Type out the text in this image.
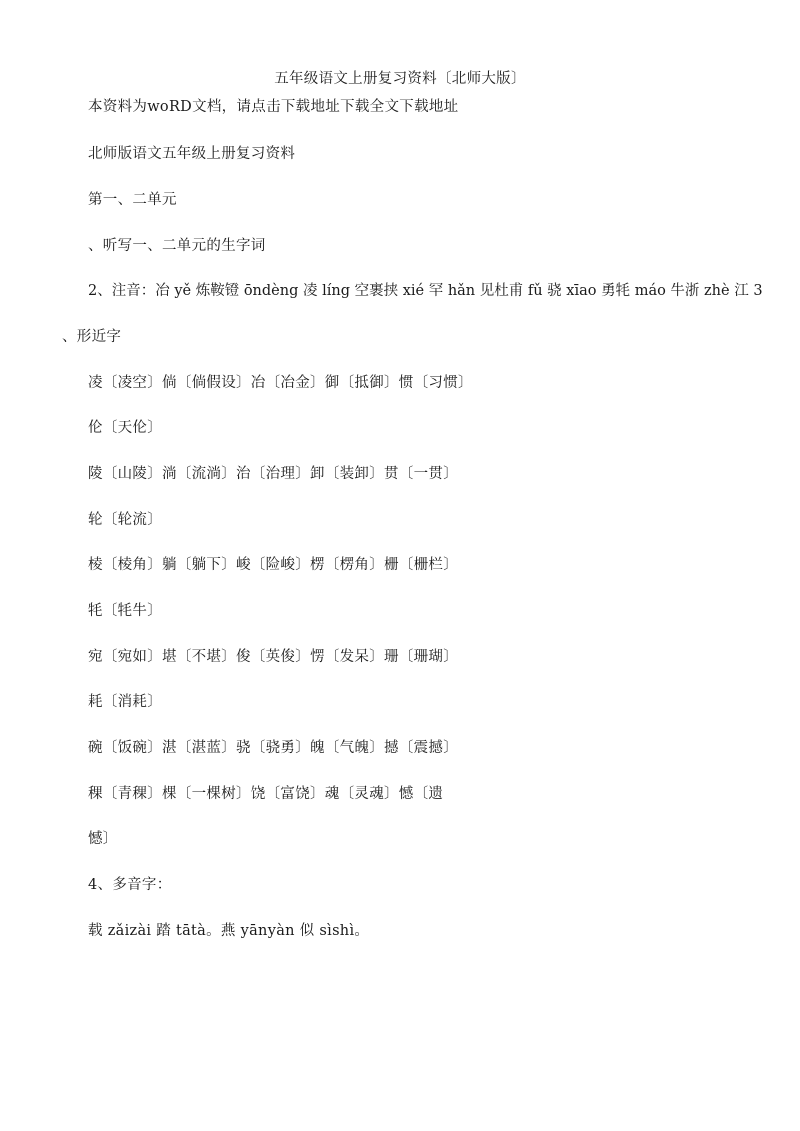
五年级语文上册复习资料〔北师大版〕
本资料为woRD文档，请点击下载地址下载全文下载地址
北师版语文五年级上册复习资料
第一、二单元
、听写一、二单元的生字词
2、注音：冶 yě 炼鞍镫 ōndèng 凌 líng 空裹挟 xié 罕 hǎn 见杜甫 fǔ 骁 xīao 勇牦 máo 牛浙 zhè 江 3
、形近字
凌〔凌空〕倘〔倘假设〕冶〔冶金〕御〔抵御〕惯〔习惯〕
伦〔天伦〕
陵〔山陵〕淌〔流淌〕治〔治理〕卸〔装卸〕贯〔一贯〕
轮〔轮流〕
棱〔棱角〕躺〔躺下〕峻〔险峻〕楞〔楞角〕栅〔栅栏〕
牦〔牦牛〕
宛〔宛如〕堪〔不堪〕俊〔英俊〕愣〔发呆〕珊〔珊瑚〕
耗〔消耗〕
碗〔饭碗〕湛〔湛蓝〕骁〔骁勇〕魄〔气魄〕撼〔震撼〕
稞〔青稞〕棵〔一棵树〕饶〔富饶〕魂〔灵魂〕憾〔遗
憾〕
4、多音字：
载 zǎizài 踏 tātà。燕 yānyàn 似 sìshì。
